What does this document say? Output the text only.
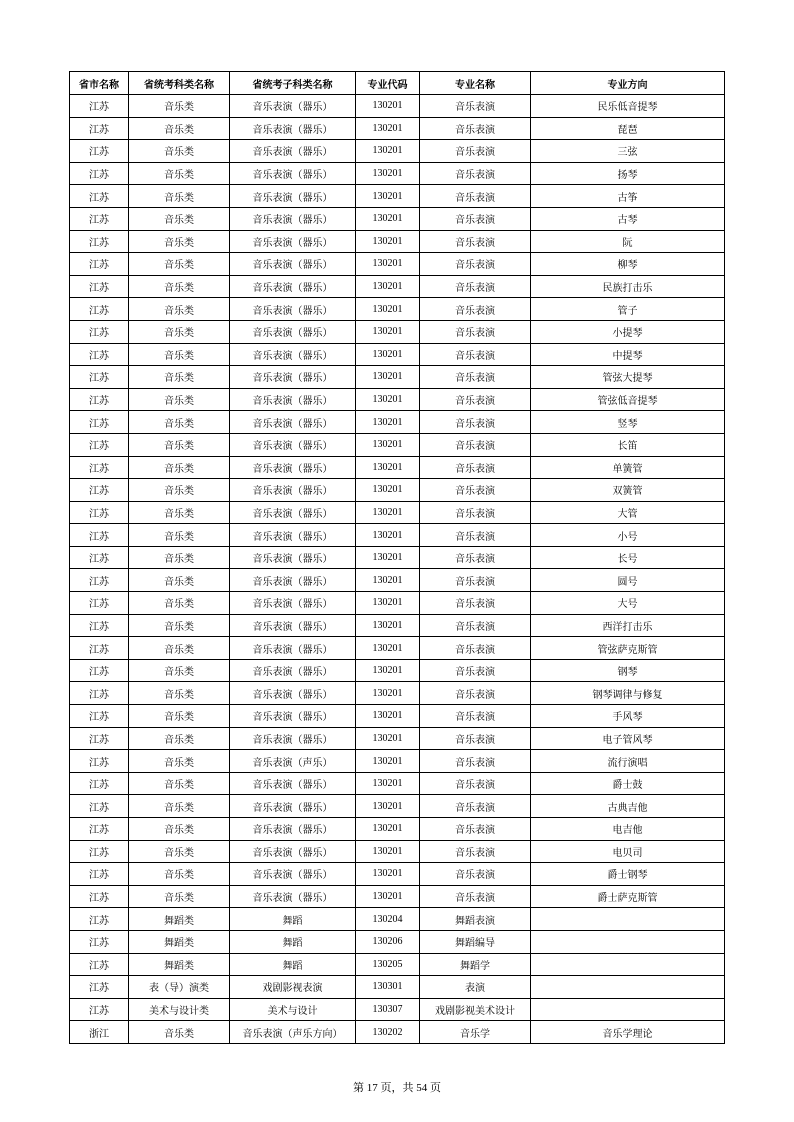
省市名称	省统考科类名称	省统考子科类名称	专业代码	专业名称	专业方向
江苏	音乐类	音乐表演（器乐）	130201	音乐表演	民乐低音提琴
江苏	音乐类	音乐表演（器乐）	130201	音乐表演	琵琶
江苏	音乐类	音乐表演（器乐）	130201	音乐表演	三弦
江苏	音乐类	音乐表演（器乐）	130201	音乐表演	扬琴
江苏	音乐类	音乐表演（器乐）	130201	音乐表演	古筝
江苏	音乐类	音乐表演（器乐）	130201	音乐表演	古琴
江苏	音乐类	音乐表演（器乐）	130201	音乐表演	阮
江苏	音乐类	音乐表演（器乐）	130201	音乐表演	柳琴
江苏	音乐类	音乐表演（器乐）	130201	音乐表演	民族打击乐
江苏	音乐类	音乐表演（器乐）	130201	音乐表演	管子
江苏	音乐类	音乐表演（器乐）	130201	音乐表演	小提琴
江苏	音乐类	音乐表演（器乐）	130201	音乐表演	中提琴
江苏	音乐类	音乐表演（器乐）	130201	音乐表演	管弦大提琴
江苏	音乐类	音乐表演（器乐）	130201	音乐表演	管弦低音提琴
江苏	音乐类	音乐表演（器乐）	130201	音乐表演	竖琴
江苏	音乐类	音乐表演（器乐）	130201	音乐表演	长笛
江苏	音乐类	音乐表演（器乐）	130201	音乐表演	单簧管
江苏	音乐类	音乐表演（器乐）	130201	音乐表演	双簧管
江苏	音乐类	音乐表演（器乐）	130201	音乐表演	大管
江苏	音乐类	音乐表演（器乐）	130201	音乐表演	小号
江苏	音乐类	音乐表演（器乐）	130201	音乐表演	长号
江苏	音乐类	音乐表演（器乐）	130201	音乐表演	圆号
江苏	音乐类	音乐表演（器乐）	130201	音乐表演	大号
江苏	音乐类	音乐表演（器乐）	130201	音乐表演	西洋打击乐
江苏	音乐类	音乐表演（器乐）	130201	音乐表演	管弦萨克斯管
江苏	音乐类	音乐表演（器乐）	130201	音乐表演	钢琴
江苏	音乐类	音乐表演（器乐）	130201	音乐表演	钢琴调律与修复
江苏	音乐类	音乐表演（器乐）	130201	音乐表演	手风琴
江苏	音乐类	音乐表演（器乐）	130201	音乐表演	电子管风琴
江苏	音乐类	音乐表演（声乐）	130201	音乐表演	流行演唱
江苏	音乐类	音乐表演（器乐）	130201	音乐表演	爵士鼓
江苏	音乐类	音乐表演（器乐）	130201	音乐表演	古典吉他
江苏	音乐类	音乐表演（器乐）	130201	音乐表演	电吉他
江苏	音乐类	音乐表演（器乐）	130201	音乐表演	电贝司
江苏	音乐类	音乐表演（器乐）	130201	音乐表演	爵士钢琴
江苏	音乐类	音乐表演（器乐）	130201	音乐表演	爵士萨克斯管
江苏	舞蹈类	舞蹈	130204	舞蹈表演	
江苏	舞蹈类	舞蹈	130206	舞蹈编导	
江苏	舞蹈类	舞蹈	130205	舞蹈学	
江苏	表（导）演类	戏剧影视表演	130301	表演	
江苏	美术与设计类	美术与设计	130307	戏剧影视美术设计	
浙江	音乐类	音乐表演（声乐方向）	130202	音乐学	音乐学理论
第 17 页，共 54 页
